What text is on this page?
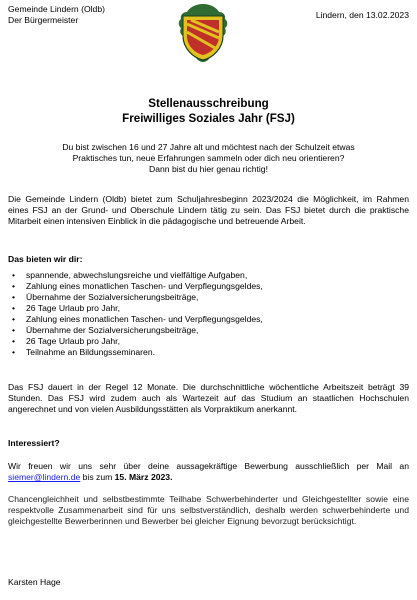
Gemeinde Lindern (Oldb)
Der Bürgermeister	Lindern, den 13.02.2023
Stellenausschreibung
Freiwilliges Soziales Jahr (FSJ)
Du bist zwischen 16 und 27 Jahre alt und möchtest nach der Schulzeit etwas
Praktisches tun, neue Erfahrungen sammeln oder dich neu orientieren?
Dann bist du hier genau richtig!
Die Gemeinde Lindern (Oldb) bietet zum Schuljahresbeginn 2023/2024 die Möglichkeit, im Rahmen eines FSJ an der Grund- und Oberschule Lindern tätig zu sein. Das FSJ bietet durch die praktische Mitarbeit einen intensiven Einblick in die pädagogische und betreuende Arbeit.
Das bieten wir dir:
• spannende, abwechslungsreiche und vielfältige Aufgaben,
• Zahlung eines monatlichen Taschen- und Verpflegungsgeldes,
• Übernahme der Sozialversicherungsbeiträge,
• 26 Tage Urlaub pro Jahr,
• Zahlung eines monatlichen Taschen- und Verpflegungsgeldes,
• Übernahme der Sozialversicherungsbeiträge,
• 26 Tage Urlaub pro Jahr,
• Teilnahme an Bildungsseminaren.
Das FSJ dauert in der Regel 12 Monate. Die durchschnittliche wöchentliche Arbeitszeit beträgt 39 Stunden. Das FSJ wird zudem auch als Wartezeit auf das Studium an staatlichen Hochschulen angerechnet und von vielen Ausbildungsstätten als Vorpraktikum anerkannt.
Interessiert?
Wir freuen wir uns sehr über deine aussagekräftige Bewerbung ausschließlich per Mail an siemer@lindern.de bis zum 15. März 2023.
Chancengleichheit und selbstbestimmte Teilhabe Schwerbehinderter und Gleichgestellter sowie eine respektvolle Zusammenarbeit sind für uns selbstverständlich, deshalb werden schwerbehinderte und gleichgestellte Bewerberinnen und Bewerber bei gleicher Eignung bevorzugt berücksichtigt.
Karsten Hage
